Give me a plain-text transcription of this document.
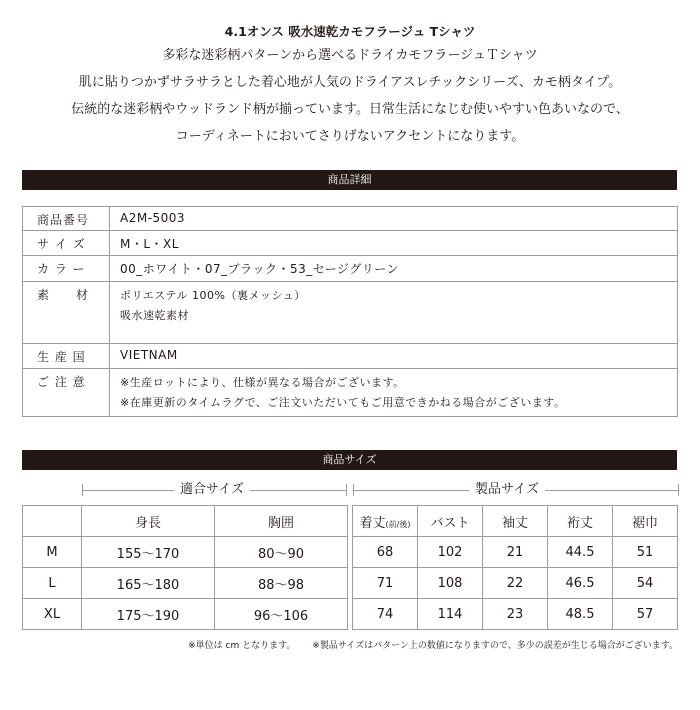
4.1オンス 吸水速乾カモフラージュ Tシャツ
多彩な迷彩柄パターンから選べるドライカモフラージュＴシャツ
肌に貼りつかずサラサラとした着心地が人気のドライアスレチックシリーズ、カモ柄タイプ。
伝統的な迷彩柄やウッドランド柄が揃っています。日常生活になじむ使いやすい色あいなので、
コーディネートにおいてさりげないアクセントになります。
商品詳細
商品番号	A2M-5003
サ イ ズ	M・L・XL
カ ラ ー	00_ホワイト・07_ブラック・53_セージグリーン
素　　材	ポリエステル 100%（裏メッシュ）
吸水速乾素材

生 産 国	VIETNAM
ご 注 意	※生産ロットにより、仕様が異なる場合がございます。
※在庫更新のタイムラグで、ご注文いただいてもご用意できかねる場合がございます。
商品サイズ
適合サイズ	製品サイズ
	身長	胸囲		着丈(前/後)	バスト	袖丈	裄丈	裾巾
M	155〜170	80〜90		68	102	21	44.5	51
L	165〜180	88〜98		71	108	22	46.5	54
XL	175〜190	96〜106		74	114	23	48.5	57
※単位は cm となります。 ※製品サイズはパターン上の数値になりますので、多少の誤差が生じる場合がございます。
